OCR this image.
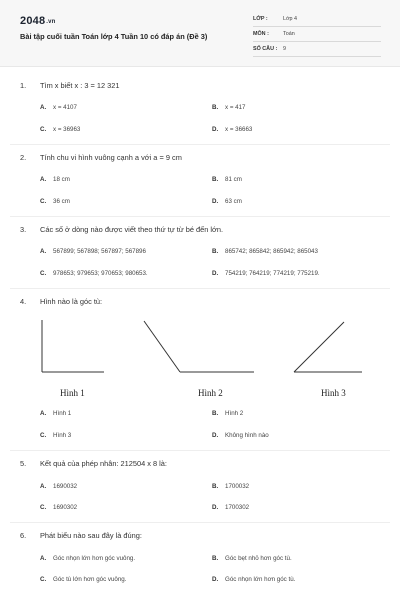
2048.vn
Bài tập cuối tuần Toán lớp 4 Tuần 10 có đáp án (Đề 3)
LỚP :	Lớp 4
MÔN :	Toán
SỐ CÂU : 9
1. Tìm x biết x : 3 = 12 321
A. x = 4107	B. x = 417
C. x = 36963	D. x = 36663
2. Tính chu vi hình vuông cạnh a với a = 9 cm
A. 18 cm	B. 81 cm
C. 36 cm	D. 63 cm
3. Các số ở dòng nào được viết theo thứ tự từ bé đến lớn.
A. 567899; 567898; 567897; 567896	B. 865742; 865842; 865942; 865043
C. 978653; 979653; 970653; 980653.	D. 754219; 764219; 774219; 775219.
4. Hình nào là góc tù:
Hình 1	Hình 2	Hình 3
A. Hình 1	B. Hình 2
C. Hình 3	D. Không hình nào
5. Kết quả của phép nhân: 212504 x 8 là:
A. 1690032	B. 1700032
C. 1690302	D. 1700302
6. Phát biểu nào sau đây là đúng:
A. Góc nhọn lớn hơn góc vuông.	B. Góc bẹt nhỏ hơn góc tù.
C. Góc tù lớn hơn góc vuông.	D. Góc nhọn lớn hơn góc tù.
